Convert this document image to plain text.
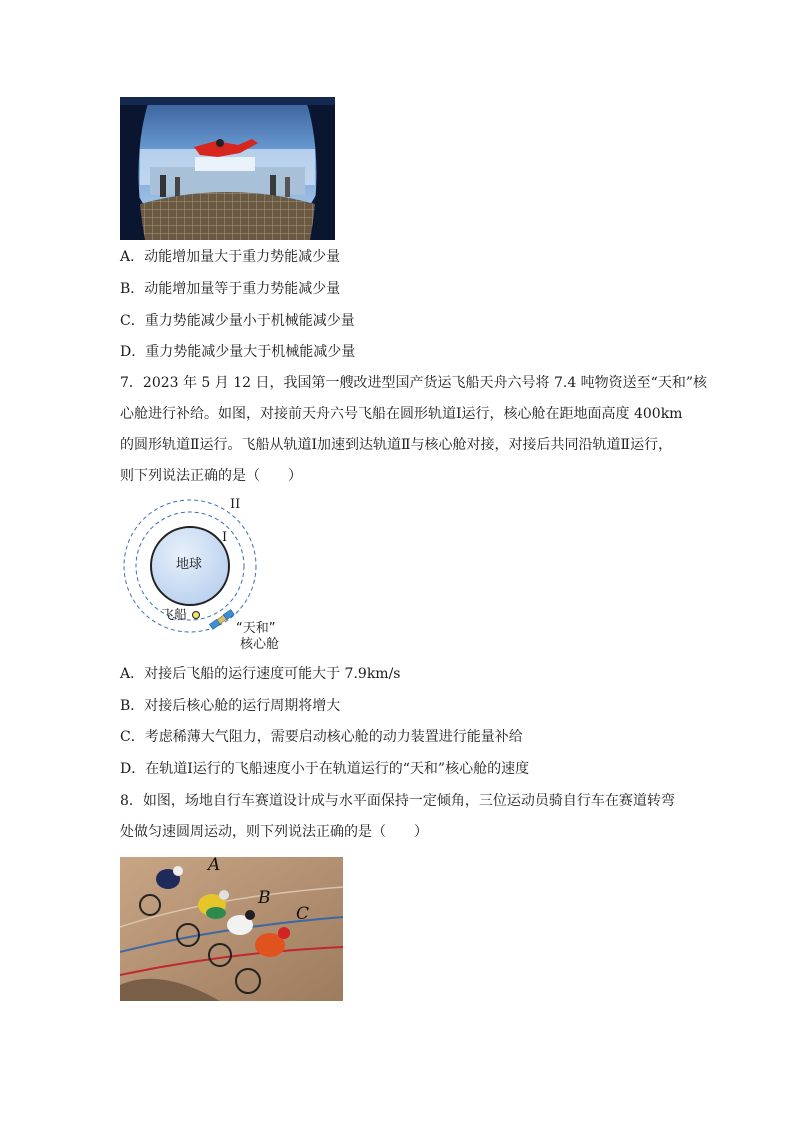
A．动能增加量大于重力势能减少量
B．动能增加量等于重力势能减少量
C．重力势能减少量小于机械能减少量
D．重力势能减少量大于机械能减少量
7．2023 年 5 月 12 日，我国第一艘改进型国产货运飞船天舟六号将 7.4 吨物资送至“天和”核
心舱进行补给。如图，对接前天舟六号飞船在圆形轨道Ⅰ运行，核心舱在距地面高度 400km
的圆形轨道Ⅱ运行。飞船从轨道Ⅰ加速到达轨道Ⅱ与核心舱对接，对接后共同沿轨道Ⅱ运行，
则下列说法正确的是（　　）
II
I
地球
飞船
“天和”
核心舱
A．对接后飞船的运行速度可能大于 7.9km/s
B．对接后核心舱的运行周期将增大
C．考虑稀薄大气阻力，需要启动核心舱的动力装置进行能量补给
D．在轨道Ⅰ运行的飞船速度小于在轨道运行的“天和”核心舱的速度
8．如图，场地自行车赛道设计成与水平面保持一定倾角，三位运动员骑自行车在赛道转弯
处做匀速圆周运动，则下列说法正确的是（　　）
A
B
C
